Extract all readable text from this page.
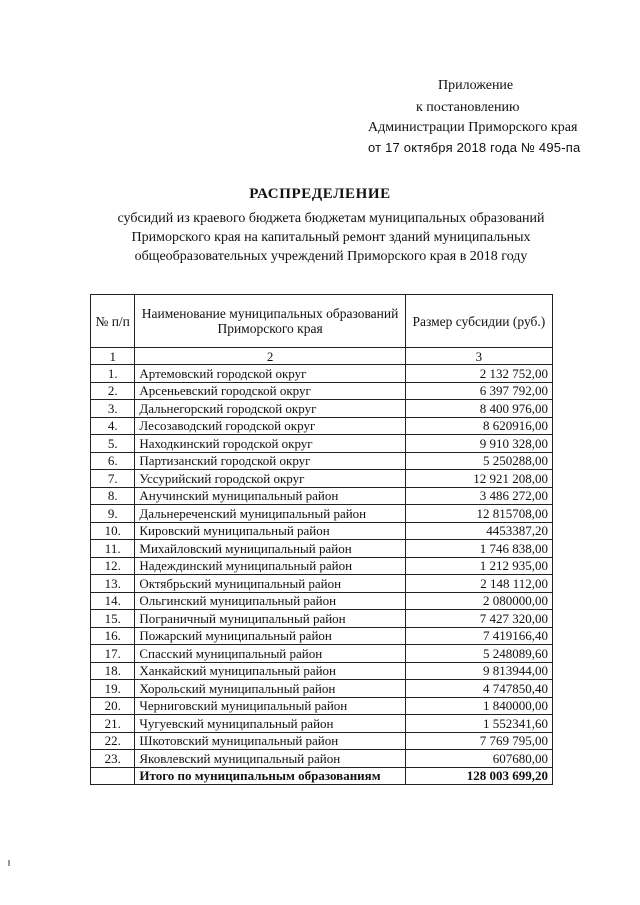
Приложение
к постановлению
Администрации Приморского края
от 17 октября 2018 года № 495-па
РАСПРЕДЕЛЕНИЕ
субсидий из краевого бюджета бюджетам муниципальных образований
Приморского края на капитальный ремонт зданий муниципальных
общеобразовательных учреждений Приморского края в 2018 году
№ п/п	Наименование муниципальных образований Приморского края	Размер субсидии (руб.)
1	2	3
1.	Артемовский городской округ	2 132 752,00
2.	Арсеньевский городской округ	6 397 792,00
3.	Дальнегорский городской округ	8 400 976,00
4.	Лесозаводский городской округ	8 620916,00
5.	Находкинский городской округ	9 910 328,00
6.	Партизанский городской округ	5 250288,00
7.	Уссурийский городской округ	12 921 208,00
8.	Анучинский муниципальный район	3 486 272,00
9.	Дальнереченский муниципальный район	12 815708,00
10.	Кировский муниципальный район	4453387,20
11.	Михайловский муниципальный район	1 746 838,00
12.	Надеждинский муниципальный район	1 212 935,00
13.	Октябрьский муниципальный район	2 148 112,00
14.	Ольгинский муниципальный район	2 080000,00
15.	Пограничный муниципальный район	7 427 320,00
16.	Пожарский муниципальный район	7 419166,40
17.	Спасский муниципальный район	5 248089,60
18.	Ханкайский муниципальный район	9 813944,00
19.	Хорольский муниципальный район	4 747850,40
20.	Черниговский муниципальный район	1 840000,00
21.	Чугуевский муниципальный район	1 552341,60
22.	Шкотовский муниципальный район	7 769 795,00
23.	Яковлевский муниципальный район	607680,00
	Итого по муниципальным образованиям	128 003 699,20
